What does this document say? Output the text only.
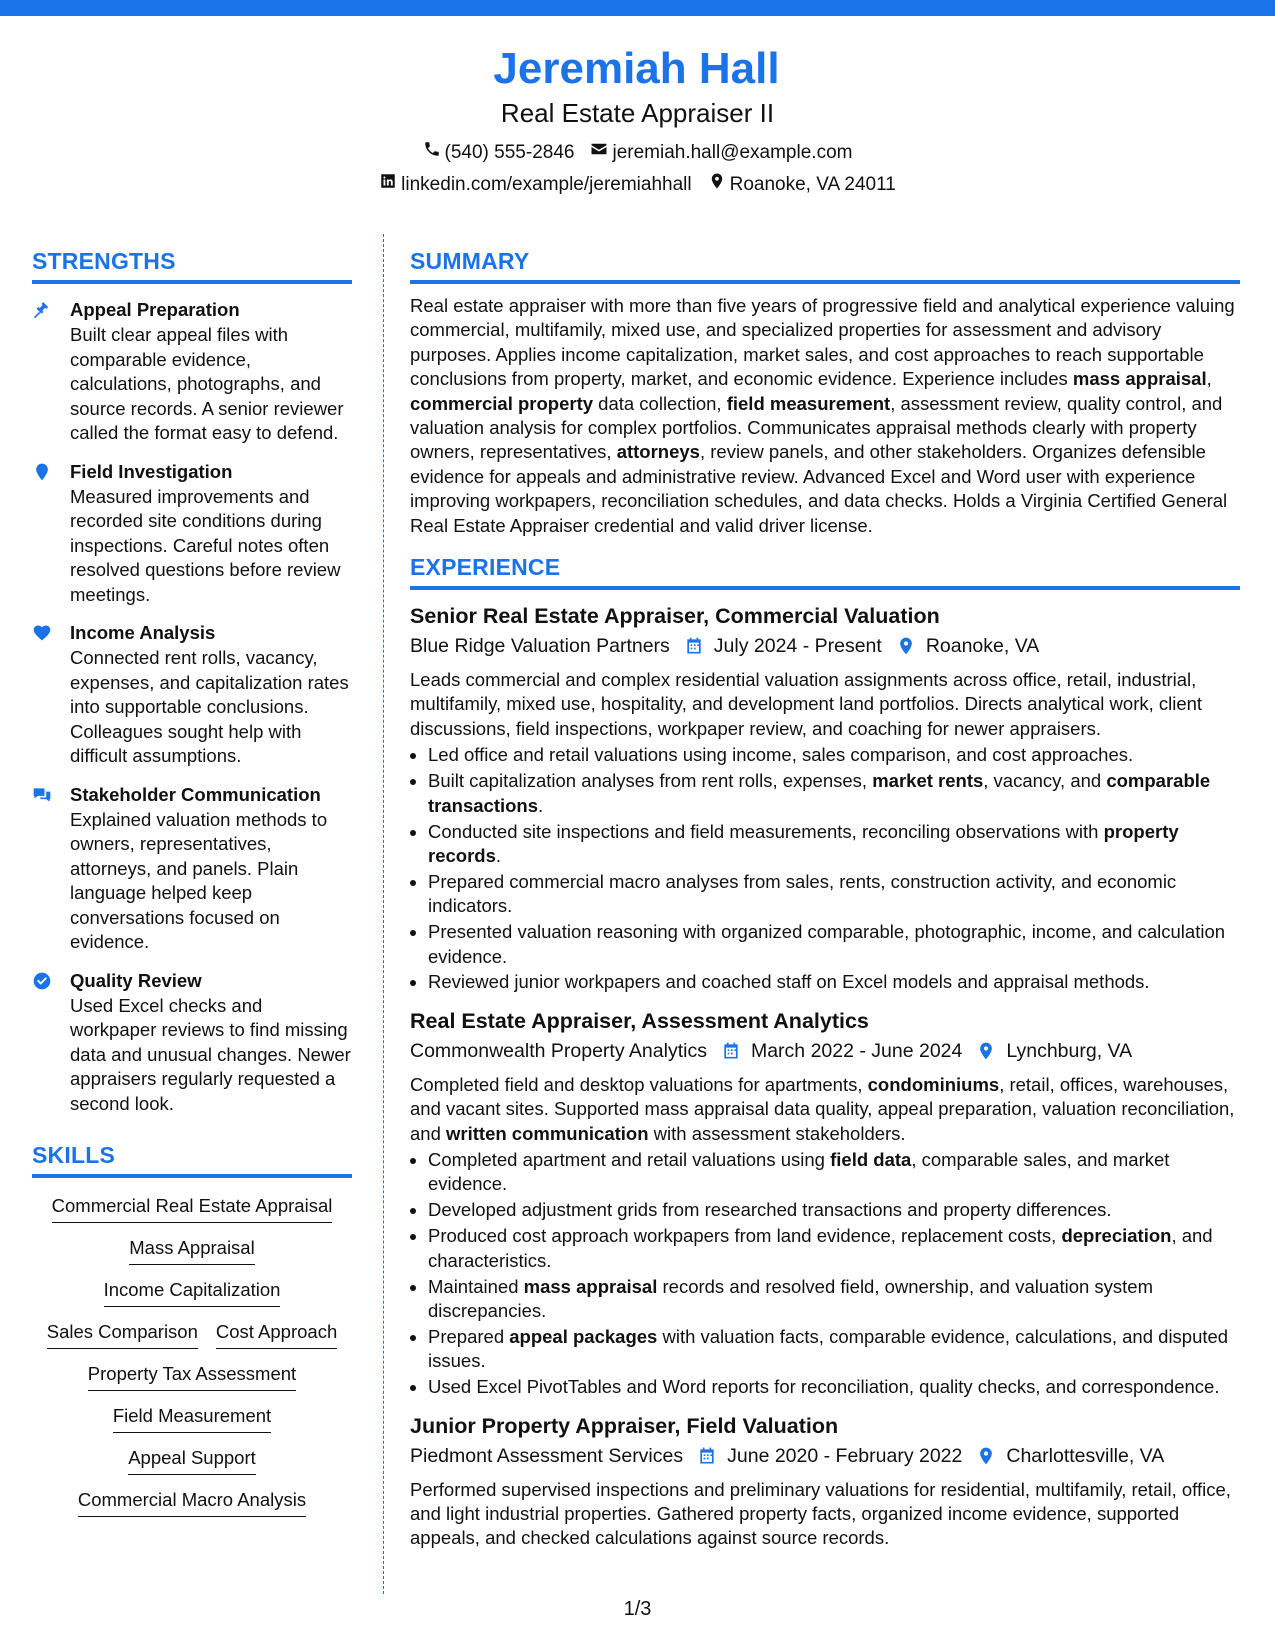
Jeremiah Hall
Real Estate Appraiser II
(540) 555-2846 jeremiah.hall@example.com
linkedin.com/example/jeremiahhall Roanoke, VA 24011
STRENGTHS
Appeal Preparation
Built clear appeal files with comparable evidence, calculations, photographs, and source records. A senior reviewer called the format easy to defend.
Field Investigation
Measured improvements and recorded site conditions during inspections. Careful notes often resolved questions before review meetings.
Income Analysis
Connected rent rolls, vacancy, expenses, and capitalization rates into supportable conclusions. Colleagues sought help with difficult assumptions.
Stakeholder Communication
Explained valuation methods to owners, representatives, attorneys, and panels. Plain language helped keep conversations focused on evidence.
Quality Review
Used Excel checks and workpaper reviews to find missing data and unusual changes. Newer appraisers regularly requested a second look.
SKILLS
Commercial Real Estate Appraisal
Mass Appraisal
Income Capitalization
Sales Comparison Cost Approach
Property Tax Assessment
Field Measurement
Appeal Support
Commercial Macro Analysis
SUMMARY
Real estate appraiser with more than five years of progressive field and analytical experience valuing commercial, multifamily, mixed use, and specialized properties for assessment and advisory purposes. Applies income capitalization, market sales, and cost approaches to reach supportable conclusions from property, market, and economic evidence. Experience includes mass appraisal, commercial property data collection, field measurement, assessment review, quality control, and valuation analysis for complex portfolios. Communicates appraisal methods clearly with property owners, representatives, attorneys, review panels, and other stakeholders. Organizes defensible evidence for appeals and administrative review. Advanced Excel and Word user with experience improving workpapers, reconciliation schedules, and data checks. Holds a Virginia Certified General Real Estate Appraiser credential and valid driver license.
EXPERIENCE
Senior Real Estate Appraiser, Commercial Valuation
Blue Ridge Valuation Partners July 2024 - Present Roanoke, VA
Leads commercial and complex residential valuation assignments across office, retail, industrial, multifamily, mixed use, hospitality, and development land portfolios. Directs analytical work, client discussions, field inspections, workpaper review, and coaching for newer appraisers.
• Led office and retail valuations using income, sales comparison, and cost approaches.
• Built capitalization analyses from rent rolls, expenses, market rents, vacancy, and comparable transactions.
• Conducted site inspections and field measurements, reconciling observations with property records.
• Prepared commercial macro analyses from sales, rents, construction activity, and economic indicators.
• Presented valuation reasoning with organized comparable, photographic, income, and calculation evidence.
• Reviewed junior workpapers and coached staff on Excel models and appraisal methods.
Real Estate Appraiser, Assessment Analytics
Commonwealth Property Analytics March 2022 - June 2024 Lynchburg, VA
Completed field and desktop valuations for apartments, condominiums, retail, offices, warehouses, and vacant sites. Supported mass appraisal data quality, appeal preparation, valuation reconciliation, and written communication with assessment stakeholders.
• Completed apartment and retail valuations using field data, comparable sales, and market evidence.
• Developed adjustment grids from researched transactions and property differences.
• Produced cost approach workpapers from land evidence, replacement costs, depreciation, and characteristics.
• Maintained mass appraisal records and resolved field, ownership, and valuation system discrepancies.
• Prepared appeal packages with valuation facts, comparable evidence, calculations, and disputed issues.
• Used Excel PivotTables and Word reports for reconciliation, quality checks, and correspondence.
Junior Property Appraiser, Field Valuation
Piedmont Assessment Services June 2020 - February 2022 Charlottesville, VA
Performed supervised inspections and preliminary valuations for residential, multifamily, retail, office, and light industrial properties. Gathered property facts, organized income evidence, supported appeals, and checked calculations against source records.
1/3
